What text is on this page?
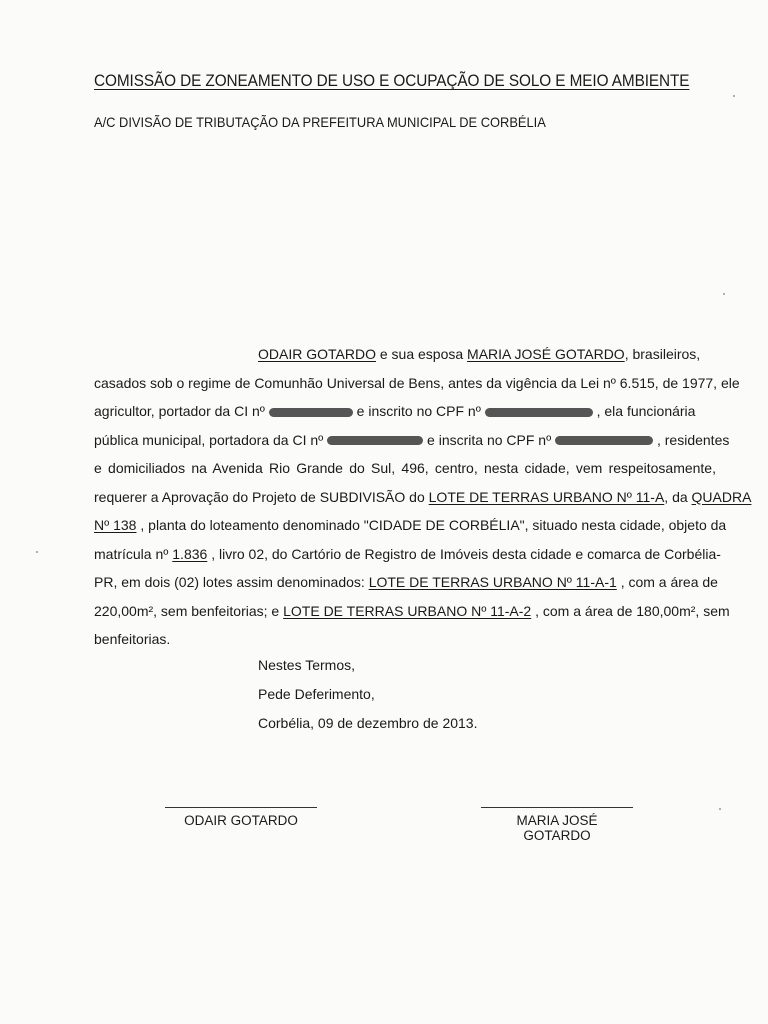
COMISSÃO DE ZONEAMENTO DE USO E OCUPAÇÃO DE SOLO E MEIO AMBIENTE
A/C DIVISÃO DE TRIBUTAÇÃO DA PREFEITURA MUNICIPAL DE CORBÉLIA
ODAIR GOTARDO e sua esposa MARIA JOSÉ GOTARDO, brasileiros,
casados sob o regime de Comunhão Universal de Bens, antes da vigência da Lei nº 6.515, de 1977, ele
agricultor, portador da CI nº	e inscrito no CPF nº	, ela funcionária
pública municipal, portadora da CI nº	e inscrita no CPF nº	, residentes
e domiciliados na Avenida Rio Grande do Sul, 496, centro, nesta cidade, vem respeitosamente,
requerer a Aprovação do Projeto de SUBDIVISÃO do LOTE DE TERRAS URBANO Nº 11-A, da QUADRA
Nº 138 , planta do loteamento denominado "CIDADE DE CORBÉLIA", situado nesta cidade, objeto da
matrícula nº 1.836 , livro 02, do Cartório de Registro de Imóveis desta cidade e comarca de Corbélia-
PR, em dois (02) lotes assim denominados: LOTE DE TERRAS URBANO Nº 11-A-1 , com a área de
220,00m², sem benfeitorias; e LOTE DE TERRAS URBANO Nº 11-A-2 , com a área de 180,00m², sem
benfeitorias.
Nestes Termos,
Pede Deferimento,
Corbélia, 09 de dezembro de 2013.
ODAIR GOTARDO	MARIA JOSÉ GOTARDO
